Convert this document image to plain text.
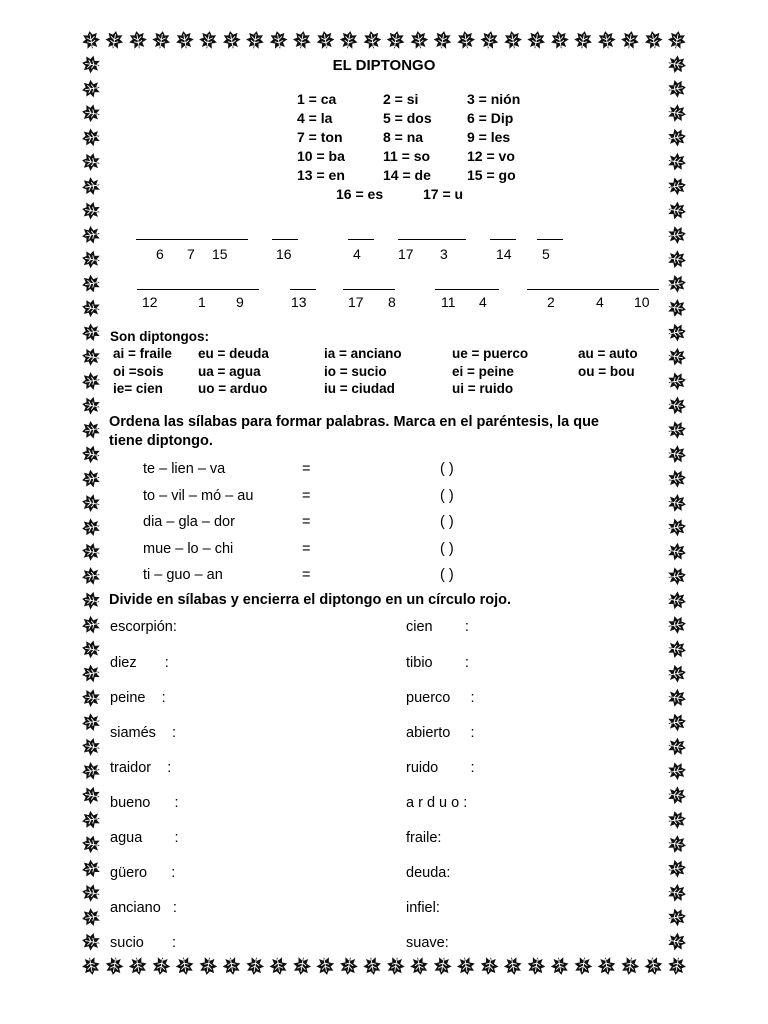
EL DIPTONGO
1 = ca	2 = si	3 = nión
4 = la	5 = dos	6 = Dip
7 = ton	8 = na	9 = les
10 = ba	11 = so	12 = vo
13 = en	14 = de	15 = go
16 = es	17 = u
6 7 15	16	4	17 3	14 5
12	1 9	13	17 8	11 4	2	4 10
Son diptongos:
ai = fraile eu = deuda	ia = anciano	ue = puerco	au = auto
oi =sois	ua = agua	io = sucio	ei = peine	ou = bou
ie= cien	uo = arduo	iu = ciudad	ui = ruido
Ordena las sílabas para formar palabras. Marca en el paréntesis, la que
tiene diptongo.
te – lien – va	=	( )
to – vil – mó – au	=	( )
dia – gla – dor	=	( )
mue – lo – chi	=	( )
ti – guo – an	=	( )
Divide en sílabas y encierra el diptongo en un círculo rojo.
escorpión:	cien        :
diez       :	tibio        :
peine    :	puerco     :
siamés    :	abierto     :
traidor    :	ruido        :
bueno      :	a r d u o :
agua        :	fraile:
güero      :	deuda:
anciano   :	infiel:
sucio       :	suave:
